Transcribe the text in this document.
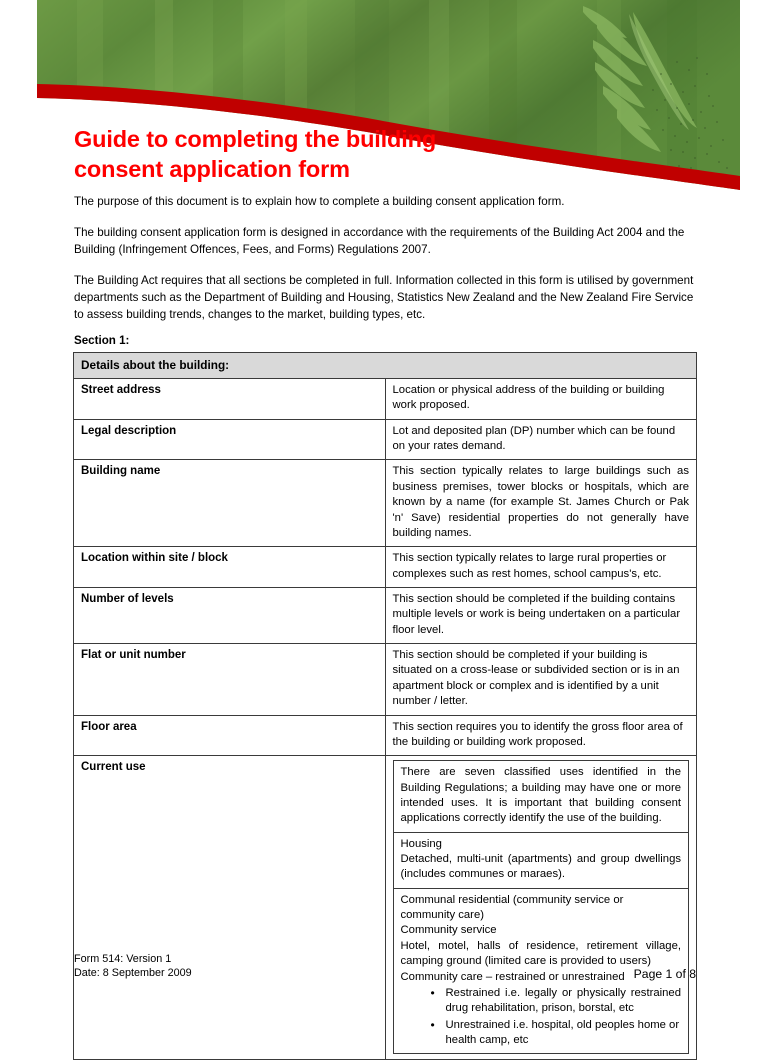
Guide to completing the building
consent application form

The purpose of this document is to explain how to complete a building consent application form.

The building consent application form is designed in accordance with the requirements of the Building Act 2004 and the Building (Infringement Offences, Fees, and Forms) Regulations 2007.

The Building Act requires that all sections be completed in full. Information collected in this form is utilised by government departments such as the Department of Building and Housing, Statistics New Zealand and the New Zealand Fire Service to assess building trends, changes to the market, building types, etc.

Section 1:
Details about the building:
Street address	Location or physical address of the building or building work proposed.
Legal description	Lot and deposited plan (DP) number which can be found on your rates demand.
Building name	This section typically relates to large buildings such as business premises, tower blocks or hospitals, which are known by a name (for example St. James Church or Pak 'n' Save) residential properties do not generally have building names.
Location within site / block	This section typically relates to large rural properties or complexes such as rest homes, school campus's, etc.
Number of levels	This section should be completed if the building contains multiple levels or work is being undertaken on a particular floor level.
Flat or unit number	This section should be completed if your building is situated on a cross-lease or subdivided section or is in an apartment block or complex and is identified by a unit number / letter.
Floor area	This section requires you to identify the gross floor area of the building or building work proposed.
Current use		There are seven classified uses identified in the Building Regulations; a building may have one or more intended uses. It is important that building consent applications correctly identify the use of the building.

Housing
Detached, multi-unit (apartments) and group dwellings (includes communes or maraes).

Communal residential (community service or community care)
Community service
Hotel, motel, halls of residence, retirement village, camping ground (limited care is provided to users)
Community care – restrained or unrestrained
• Restrained i.e. legally or physically restrained drug rehabilitation, prison, borstal, etc
• Unrestrained i.e. hospital, old peoples home or health camp, etc
Form 514: Version 1
Date: 8 September 2009	Page 1 of 8
